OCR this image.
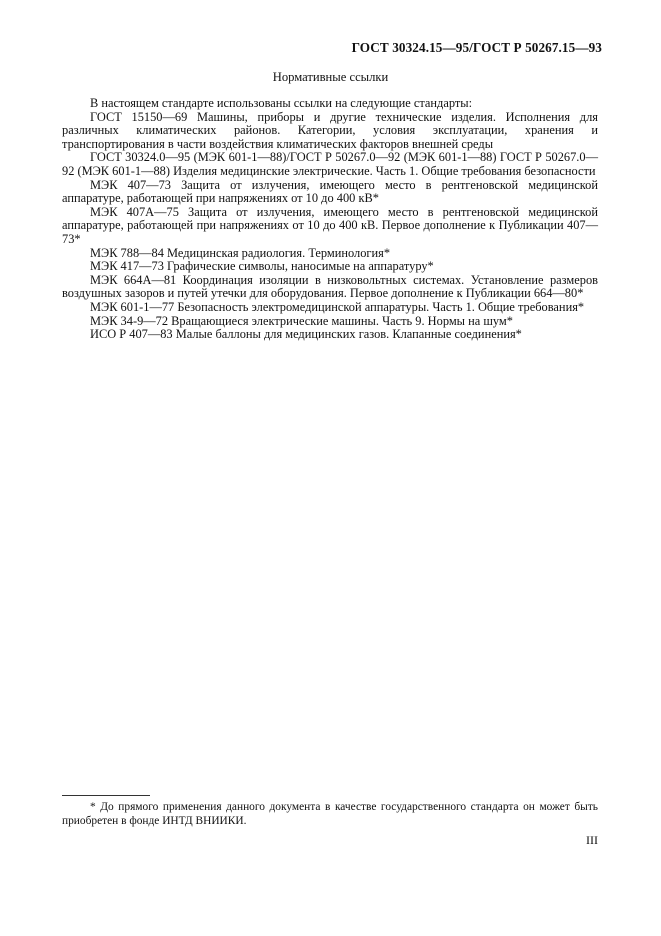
ГОСТ 30324.15—95/ГОСТ Р 50267.15—93
Нормативные ссылки

В настоящем стандарте использованы ссылки на следующие стандарты:

ГОСТ 15150—69 Машины, приборы и другие технические изделия. Исполнения для различных климатических районов. Категории, условия эксплуатации, хранения и транспортирования в части воздействия климатических факторов внешней среды

ГОСТ 30324.0—95 (МЭК 601-1—88)/ГОСТ Р 50267.0—92 (МЭК 601-1—88) ГОСТ Р 50267.0—92 (МЭК 601-1—88) Изделия медицинские электрические. Часть 1. Общие требования безопасности

МЭК 407—73 Защита от излучения, имеющего место в рентгеновской медицинской аппаратуре, работающей при напряжениях от 10 до 400 кВ*

МЭК 407А—75 Защита от излучения, имеющего место в рентгеновской медицинской аппаратуре, работающей при напряжениях от 10 до 400 кВ. Первое дополнение к Публикации 407—73*

МЭК 788—84 Медицинская радиология. Терминология*

МЭК 417—73 Графические символы, наносимые на аппаратуру*

МЭК 664А—81 Координация изоляции в низковольтных системах. Установление размеров воздушных зазоров и путей утечки для оборудования. Первое дополнение к Публикации 664—80*

МЭК 601-1—77 Безопасность электромедицинской аппаратуры. Часть 1. Общие требования*

МЭК 34-9—72 Вращающиеся электрические машины. Часть 9. Нормы на шум*

ИСО Р 407—83 Малые баллоны для медицинских газов. Клапанные соединения*

* До прямого применения данного документа в качестве государственного стандарта он может быть приобретен в фонде ИНТД ВНИИКИ.
III
